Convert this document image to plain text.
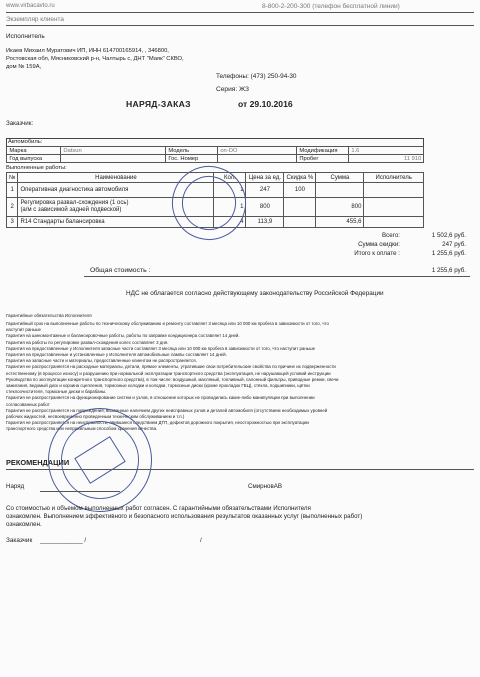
www.virbacavto.ru	8-800-2-200-300 (телефон бесплатной линии)
Экземпляр клиента
Исполнитель
Икаев Михаил Муратович ИП, ИНН 614700165914, , 346800,
Ростовская обл, Мясниковский р-н, Чалтырь с, ДНТ "Маяк" СКВО,
дом № 159А,
Телефоны: (473) 250-94-30
Серия: ЖЗ
НАРЯД-ЗАКАЗ	от 29.10.2016
Заказчик:
Автомобиль:
Марка	Datsun	Модель	on-DO	Модификация	1.6
Год выпуска		Гос. Номер		Пробег	11 910
Выполненные работы:
№	Наименование	Кол.	Цена за ед.	Скидка %	Сумма	Исполнитель
1	Оперативная диагностика автомобиля	1	247	100		
2	Регулировка развал-схождения (1 ось)
(а/м с зависимой задней подвеской)	1	800		800	
3	R14 Стандарты балансировка	4	113,9		455,6	
Всего:	1 502,6 руб.
Сумма скидки:	247 руб.
Итого к оплате :	1 255,6 руб.
Общая стоимость :	1 255,6 руб.
НДС не облагается согласно действующему законодательству Российской Федерации
Гарантийные обязательства Исполнителя
Гарантийный срок на выполненные работы по техническому обслуживанию и ремонту составляет 3 месяца или 10 000 км пробега в зависимости от того, что
наступит раньше
Гарантия на шиномонтажные и балансировочные работы, работы по заправке кондиционера составляет 14 дней.
Гарантия на работы по регулировке развал-схождения колес составляет 3 дня.
Гарантия на предоставленные у Исполнителя запасные части составляет 3 месяца или 10 000 км пробега в зависимости от того, что наступит раньше
Гарантия на предоставленные и установленные у Исполнителя автомобильные лампы составляет 14 дней.
Гарантия на запасные части и материалы, предоставленные клиентом не распространяется.
Гарантия не распространяется на расходные материалы, детали, прямое элементы, утратившие свои потребительские свойства по причине их подверженности
естественному (в процессе износу) и разрушению при нормальной эксплуатации транспортного средства (эксплуатация, не нарушающей условий инструкции
Руководства по эксплуатации конкретного транспортного средства), в том числе: воздушный, масляный, топливный, салонный фильтры, приводные ремни, свечи
зажигания, ведомый диск и корзина сцепления, тормозные колодки и колодки, тормозные диски (кроме прокладок ГБЦ), стёкла, подшипники, щётки
стеклоочистителя, тормозные диски и барабаны.
Гарантия не распространяется на функционирование систем и узлов, в отношение которых не проводились какие-либо манипуляции при выполнении
согласованных работ
Гарантия не распространяется на повреждения, вызванные наличием других неисправных узлов и деталей автомобиля (отсутствием необходимых уровней
рабочих жидкостей, несвоевременно проведенным техническим обслуживанием и т.п.)
Гарантия не распространяется на неисправности, явившиеся следствием ДТП, дефектов дорожного покрытия, неосторожностью при эксплуатации
транспортного средства или неправильным способом хранения качества.
РЕКОМЕНДАЦИИ
Наряд	СмирновАВ
Со стоимостью и объемом выполненных работ согласен. С гарантийными обязательствами Исполнителя
ознакомлен. Выполнением эффективного и безопасного использования результатов оказанных услуг (выполненных работ)
ознакомлен.
Заказчик ____________ /	/
